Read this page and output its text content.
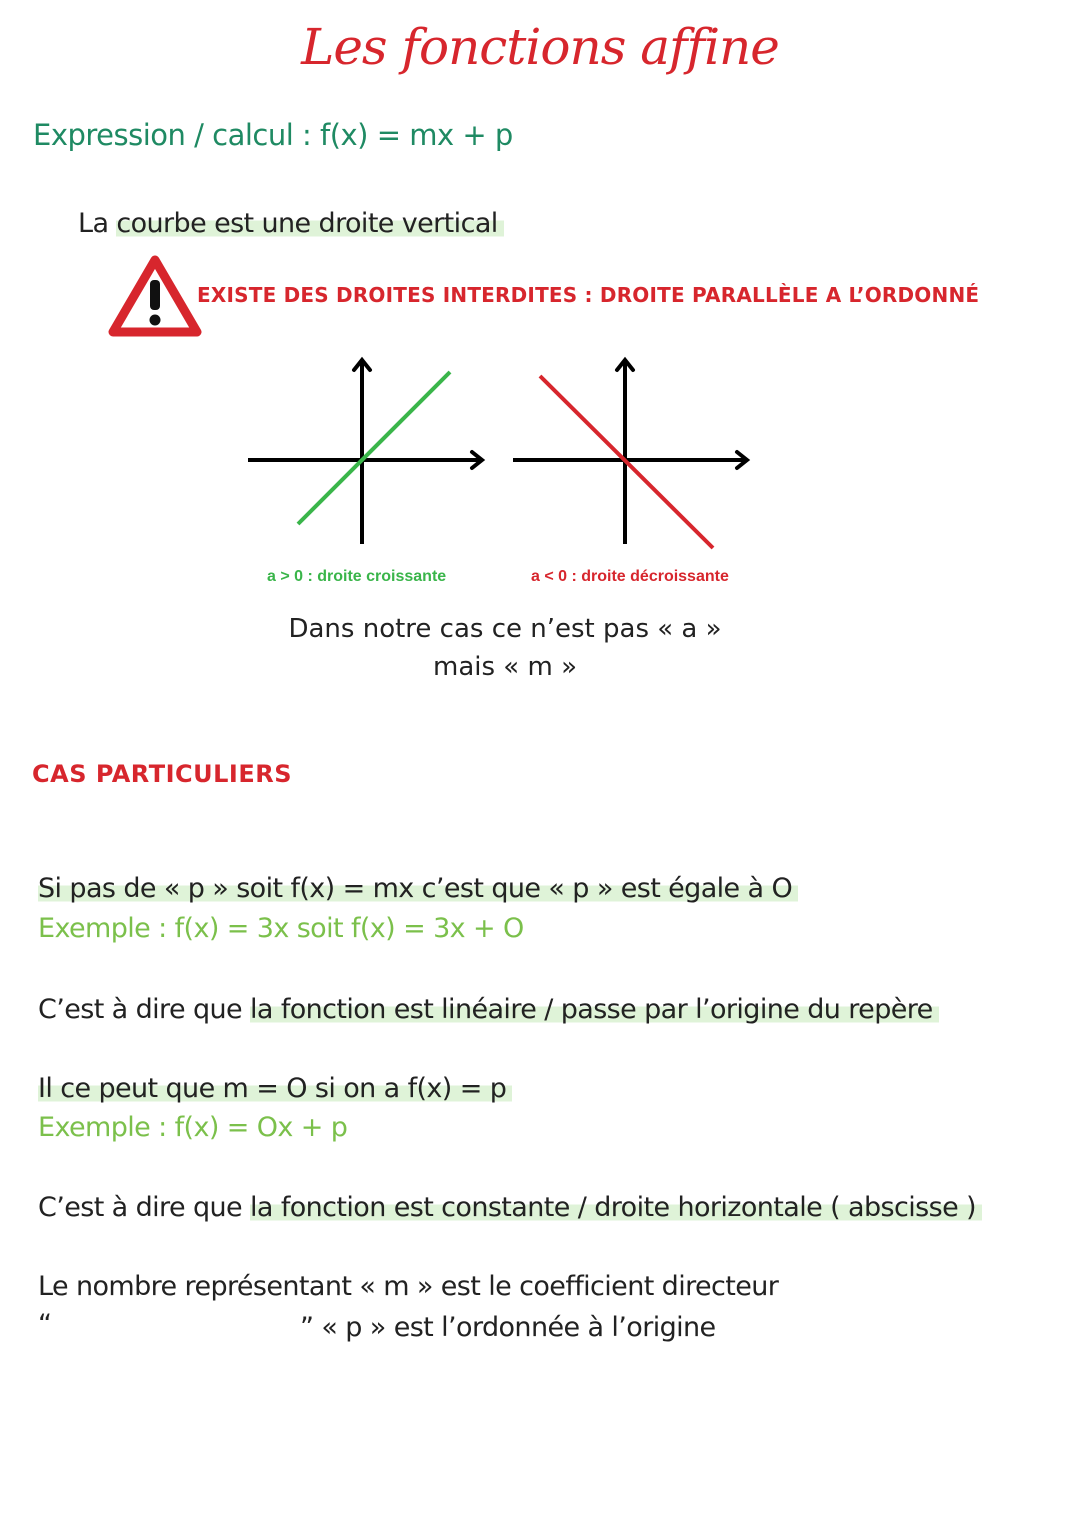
Les fonctions affine
Expression / calcul : f(x) = mx + p
La courbe est une droite vertical
EXISTE DES DROITES INTERDITES : DROITE PARALLÈLE A L’ORDONNÉ
a > 0 : droite croissante	a < 0 : droite décroissante
Dans notre cas ce n’est pas « a »
mais « m »
CAS PARTICULIERS
Si pas de « p » soit f(x) = mx c’est que « p » est égale à O
Exemple : f(x) = 3x soit f(x) = 3x + O
C’est à dire que la fonction est linéaire / passe par l’origine du repère
Il ce peut que m = O si on a f(x) = p
Exemple : f(x) = Ox + p
C’est à dire que la fonction est constante / droite horizontale ( abscisse )
Le nombre représentant « m » est le coefficient directeur
“	” « p » est l’ordonnée à l’origine
